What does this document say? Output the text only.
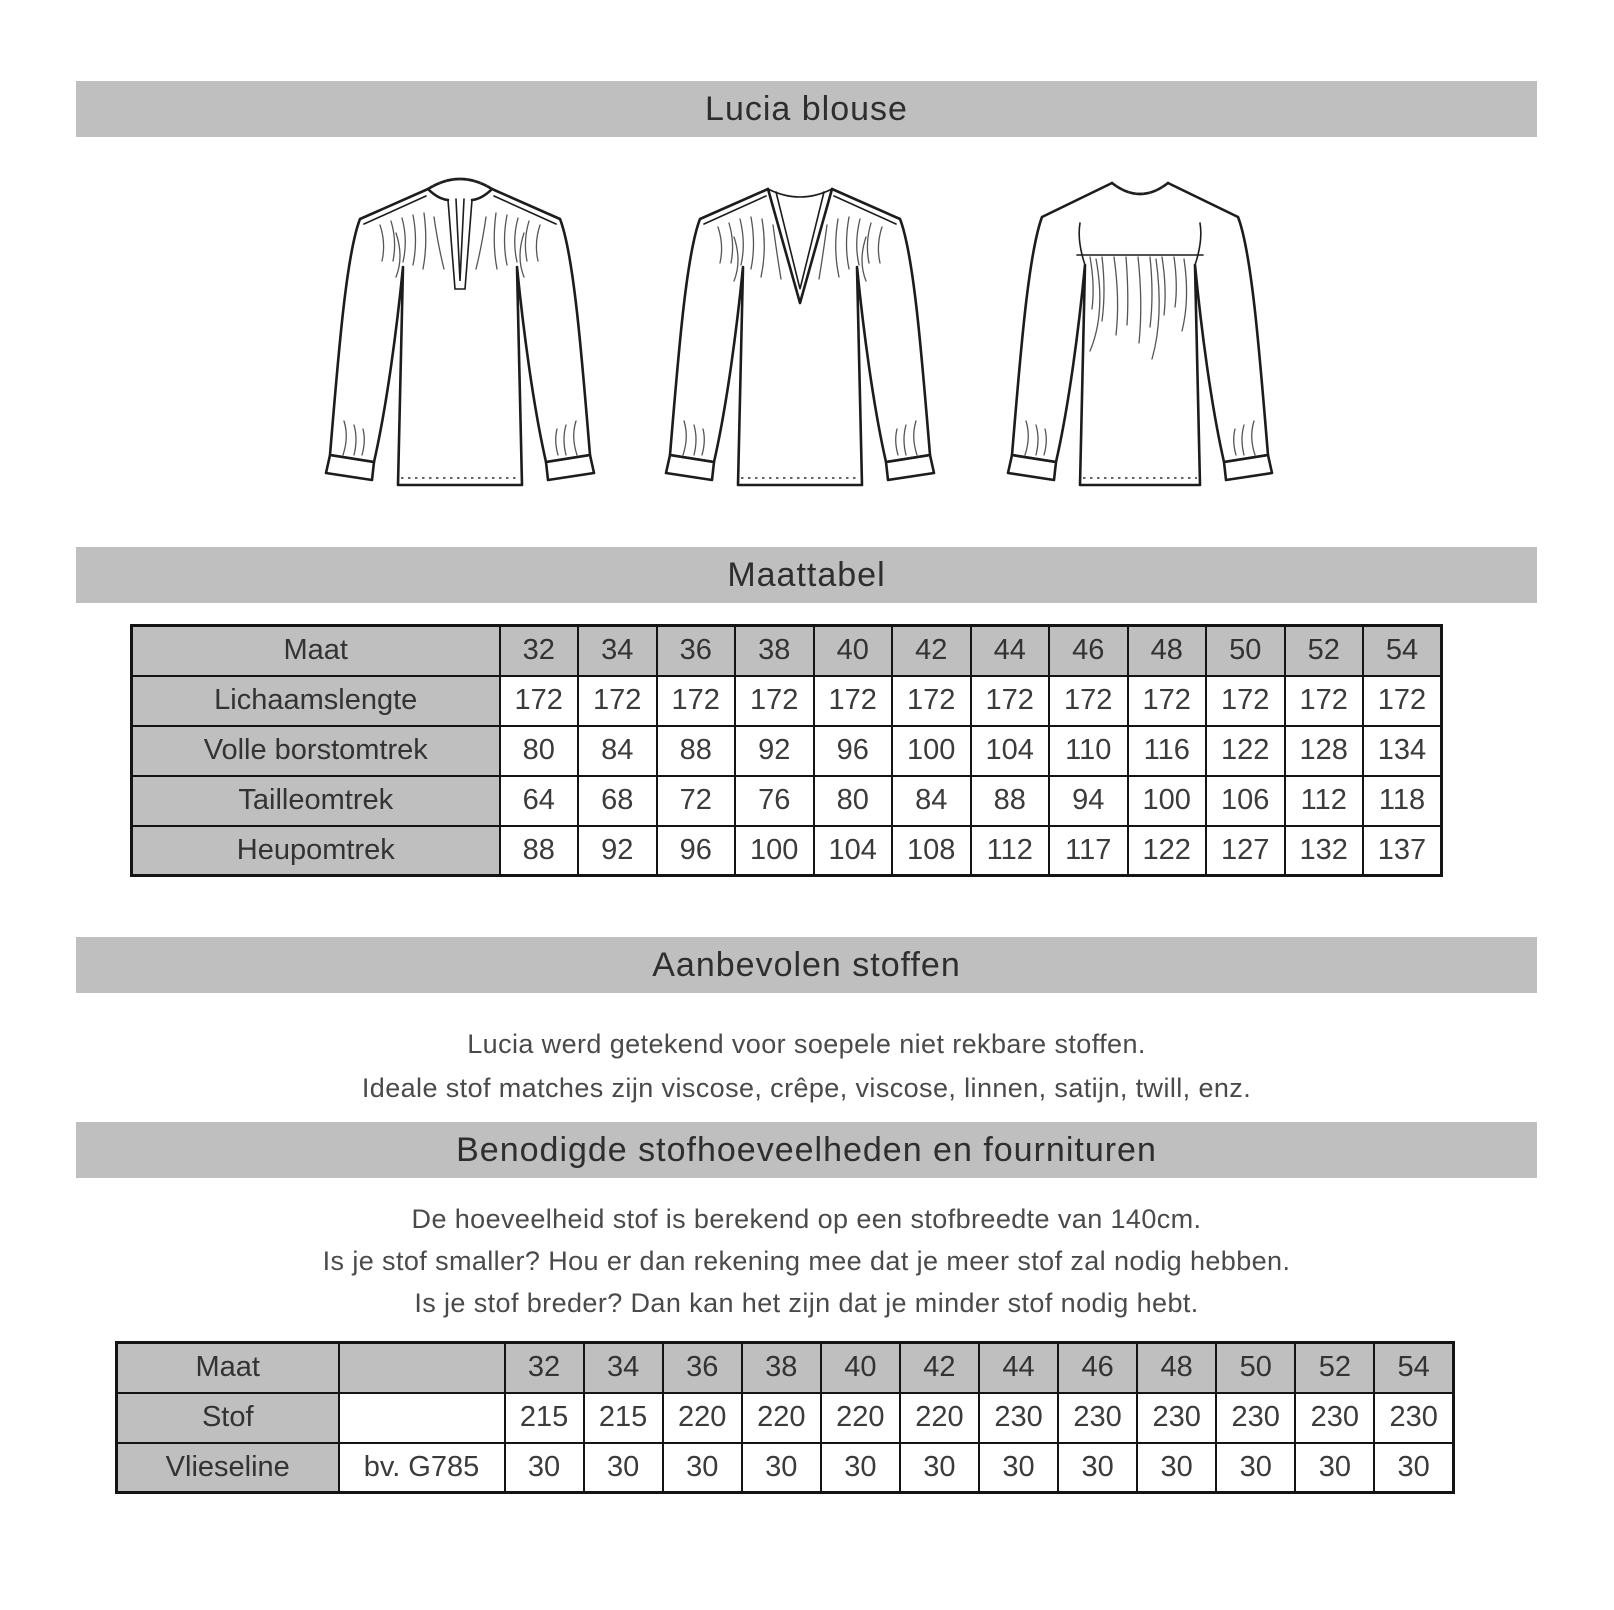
Lucia blouse
Maattabel
Maat	32	34	36	38	40	42	44	46	48	50	52	54
Lichaamslengte	172	172	172	172	172	172	172	172	172	172	172	172
Volle borstomtrek	80	84	88	92	96	100	104	110	116	122	128	134
Tailleomtrek	64	68	72	76	80	84	88	94	100	106	112	118
Heupomtrek	88	92	96	100	104	108	112	117	122	127	132	137
Aanbevolen stoffen
Lucia werd getekend voor soepele niet rekbare stoffen.
Ideale stof matches zijn viscose, crêpe, viscose, linnen, satijn, twill, enz.
Benodigde stofhoeveelheden en fournituren
De hoeveelheid stof is berekend op een stofbreedte van 140cm.
Is je stof smaller? Hou er dan rekening mee dat je meer stof zal nodig hebben.
Is je stof breder? Dan kan het zijn dat je minder stof nodig hebt.
Maat		32	34	36	38	40	42	44	46	48	50	52	54
Stof		215	215	220	220	220	220	230	230	230	230	230	230
Vlieseline	bv. G785	30	30	30	30	30	30	30	30	30	30	30	30
